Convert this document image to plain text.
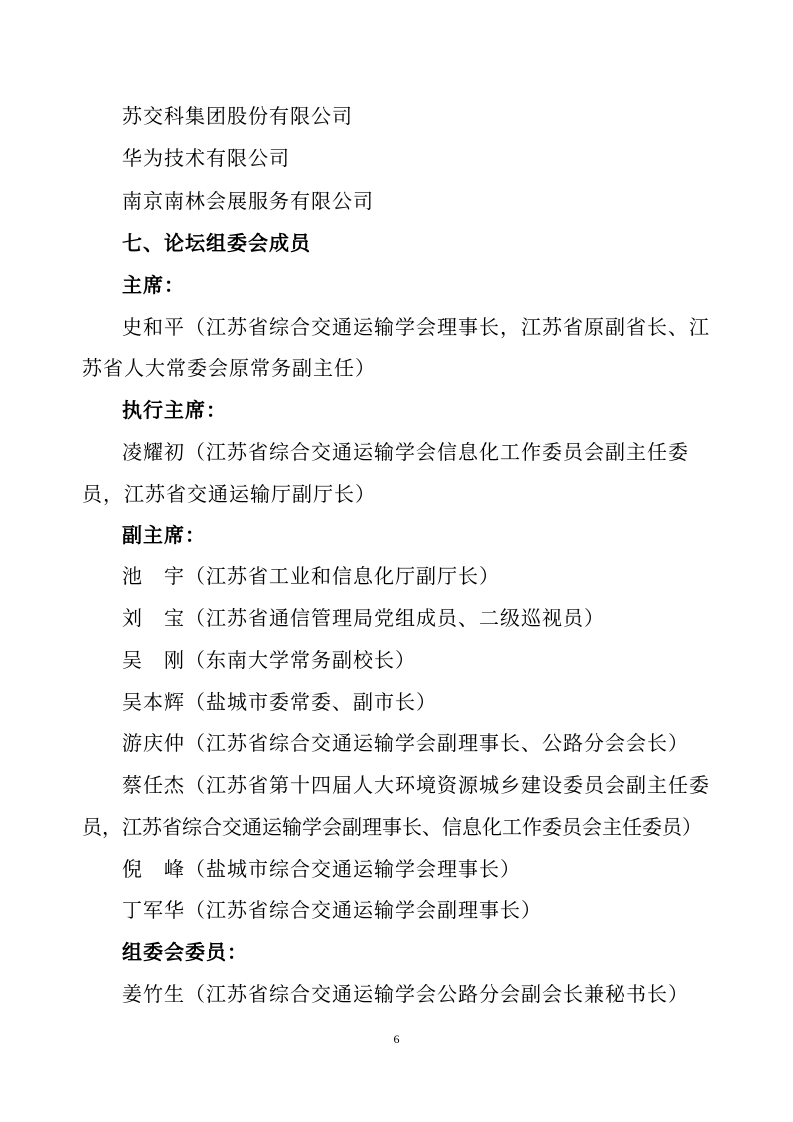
苏交科集团股份有限公司
华为技术有限公司
南京南林会展服务有限公司
七、论坛组委会成员
主席：
史和平（江苏省综合交通运输学会理事长，江苏省原副省长、江
苏省人大常委会原常务副主任）
执行主席：
凌耀初（江苏省综合交通运输学会信息化工作委员会副主任委
员，江苏省交通运输厅副厅长）
副主席：
池　宇（江苏省工业和信息化厅副厅长）
刘　宝（江苏省通信管理局党组成员、二级巡视员）
吴　刚（东南大学常务副校长）
吴本辉（盐城市委常委、副市长）
游庆仲（江苏省综合交通运输学会副理事长、公路分会会长）
蔡任杰（江苏省第十四届人大环境资源城乡建设委员会副主任委
员，江苏省综合交通运输学会副理事长、信息化工作委员会主任委员）
倪　峰（盐城市综合交通运输学会理事长）
丁军华（江苏省综合交通运输学会副理事长）
组委会委员：
姜竹生（江苏省综合交通运输学会公路分会副会长兼秘书长）
6
